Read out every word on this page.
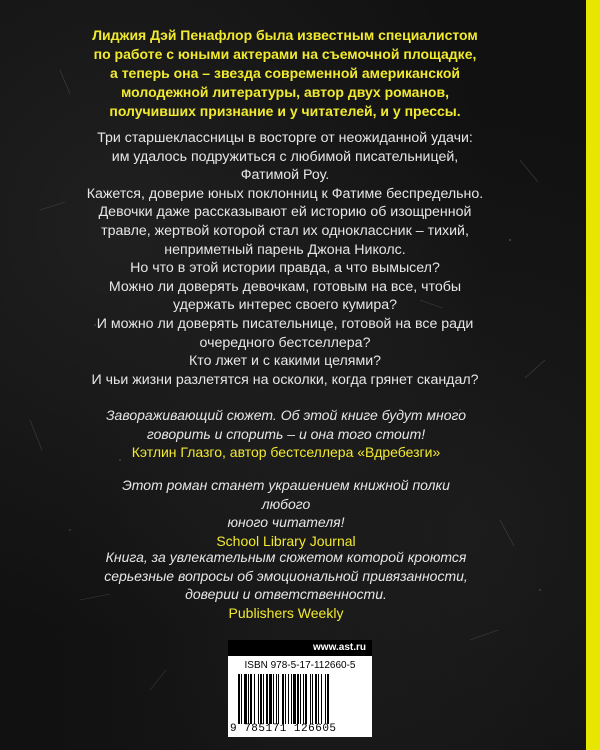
Лиджия Дэй Пенафлор была известным специалистом
по работе с юными актерами на съемочной площадке,
а теперь она – звезда современной американской
молодежной литературы, автор двух романов,
получивших признание и у читателей, и у прессы.

Три старшеклассницы в восторге от неожиданной удачи:

им удалось подружиться с любимой писательницей,

Фатимой Роу.

Кажется, доверие юных поклонниц к Фатиме беспредельно.

Девочки даже рассказывают ей историю об изощренной

травле, жертвой которой стал их одноклассник – тихий,

неприметный парень Джона Николс.

Но что в этой истории правда, а что вымысел?

Можно ли доверять девочкам, готовым на все, чтобы

удержать интерес своего кумира?

И можно ли доверять писательнице, готовой на все ради

очередного бестселлера?

Кто лжет и с какими целями?

И чьи жизни разлетятся на осколки, когда грянет скандал?

Завораживающий сюжет. Об этой книге будут много

говорить и спорить – и она того стоит!

Кэтлин Глазго, автор бестселлера «Вдребезги»

Этот роман станет украшением книжной полки любого

юного читателя!

School Library Journal

Книга, за увлекательным сюжетом которой кроются

серьезные вопросы об эмоциональной привязанности,

доверии и ответственности.

Publishers Weekly

www.ast.ru
ISBN 978-5-17-112660-5
9 785171 126605
